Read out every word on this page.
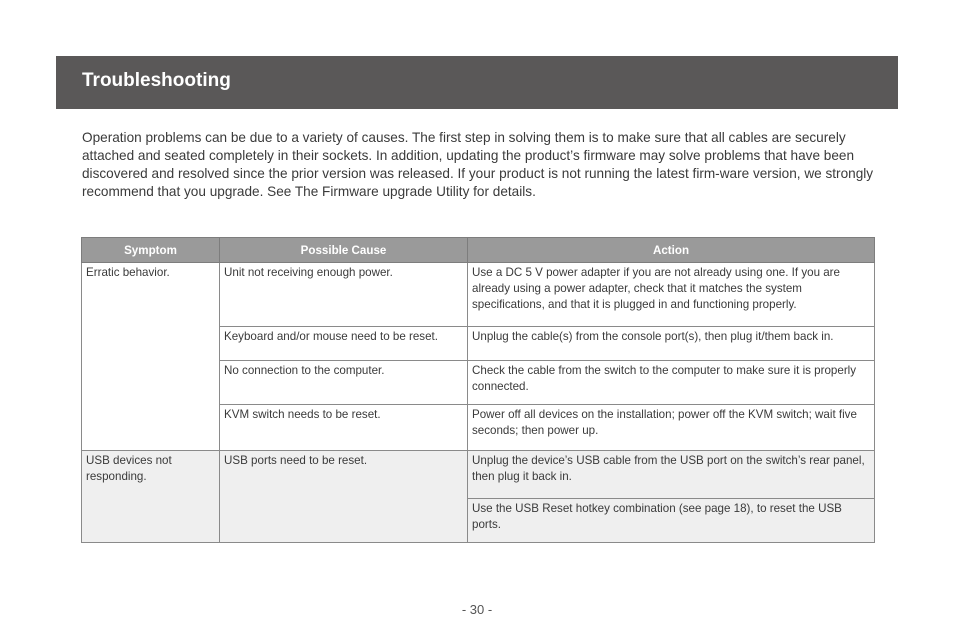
Troubleshooting

Operation problems can be due to a variety of causes. The first step in solving them is to make sure that all cables are securely attached and seated completely in their sockets. In addition, updating the product’s firmware may solve problems that have been discovered and resolved since the prior version was released. If your product is not running the latest firm-ware version, we strongly recommend that you upgrade. See The Firmware upgrade Utility for details.

Symptom	Possible Cause	Action
Erratic behavior.	Unit not receiving enough power.	Use a DC 5 V power adapter if you are not already using one. If you are already using a power adapter, check that it matches the system specifications, and that it is plugged in and functioning properly.
	Keyboard and/or mouse need to be reset.	Unplug the cable(s) from the console port(s), then plug it/them back in.
	No connection to the computer.	Check the cable from the switch to the computer to make sure it is properly connected.
	KVM switch needs to be reset.	Power off all devices on the installation; power off the KVM switch; wait five seconds; then power up.
USB devices not responding.	USB ports need to be reset.	Unplug the device’s USB cable from the USB port on the switch’s rear panel, then plug it back in.
		Use the USB Reset hotkey combination (see page 18), to reset the USB ports.
- 30 -
